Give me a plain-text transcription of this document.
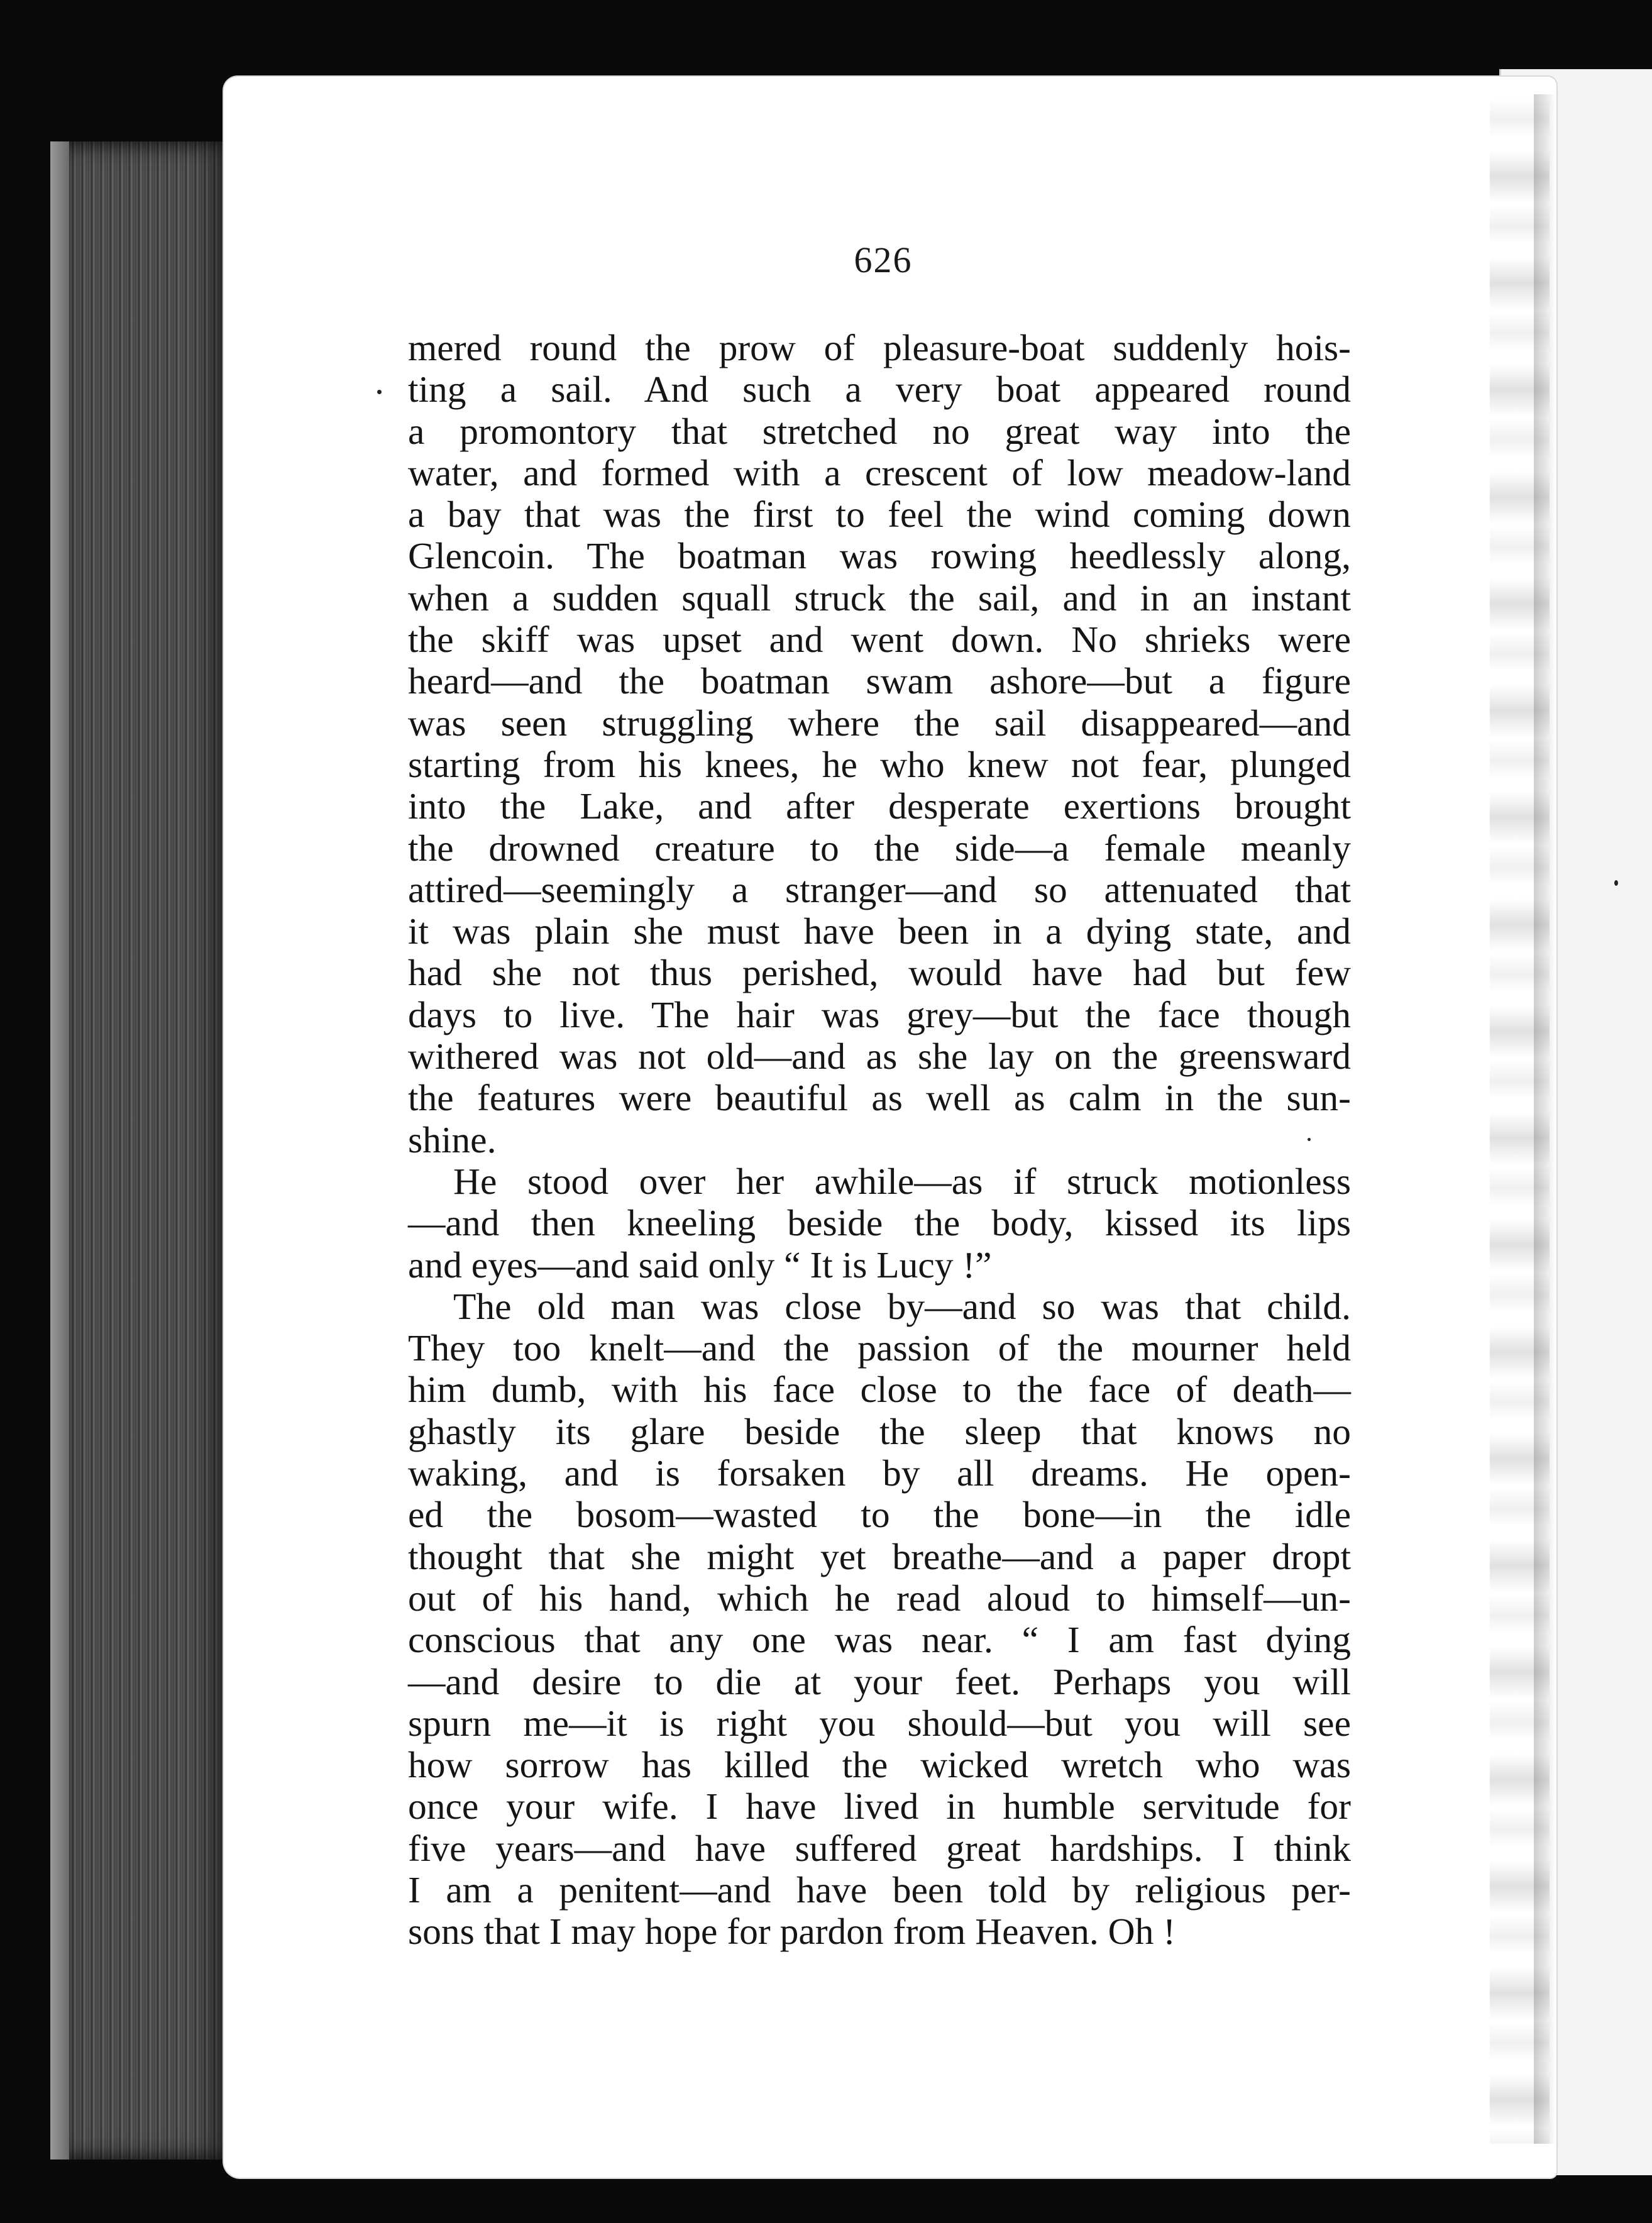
626

mered round the prow of pleasure-boat suddenly hois-
ting a sail. And such a very boat appeared round
a promontory that stretched no great way into the
water, and formed with a crescent of low meadow-land
a bay that was the first to feel the wind coming down
Glencoin. The boatman was rowing heedlessly along,
when a sudden squall struck the sail, and in an instant
the skiff was upset and went down. No shrieks were
heard—and the boatman swam ashore—but a figure
was seen struggling where the sail disappeared—and
starting from his knees, he who knew not fear, plunged
into the Lake, and after desperate exertions brought
the drowned creature to the side—a female meanly
attired—seemingly a stranger—and so attenuated that
it was plain she must have been in a dying state, and
had she not thus perished, would have had but few
days to live. The hair was grey—but the face though
withered was not old—and as she lay on the greensward
the features were beautiful as well as calm in the sun-
shine.

He stood over her awhile—as if struck motionless
—and then kneeling beside the body, kissed its lips
and eyes—and said only “ It is Lucy !”

The old man was close by—and so was that child.
They too knelt—and the passion of the mourner held
him dumb, with his face close to the face of death—
ghastly its glare beside the sleep that knows no
waking, and is forsaken by all dreams. He open-
ed the bosom—wasted to the bone—in the idle
thought that she might yet breathe—and a paper dropt
out of his hand, which he read aloud to himself—un-
conscious that any one was near. “ I am fast dying
—and desire to die at your feet. Perhaps you will
spurn me—it is right you should—but you will see
how sorrow has killed the wicked wretch who was
once your wife. I have lived in humble servitude for
five years—and have suffered great hardships. I think
I am a penitent—and have been told by religious per-
sons that I may hope for pardon from Heaven. Oh !
